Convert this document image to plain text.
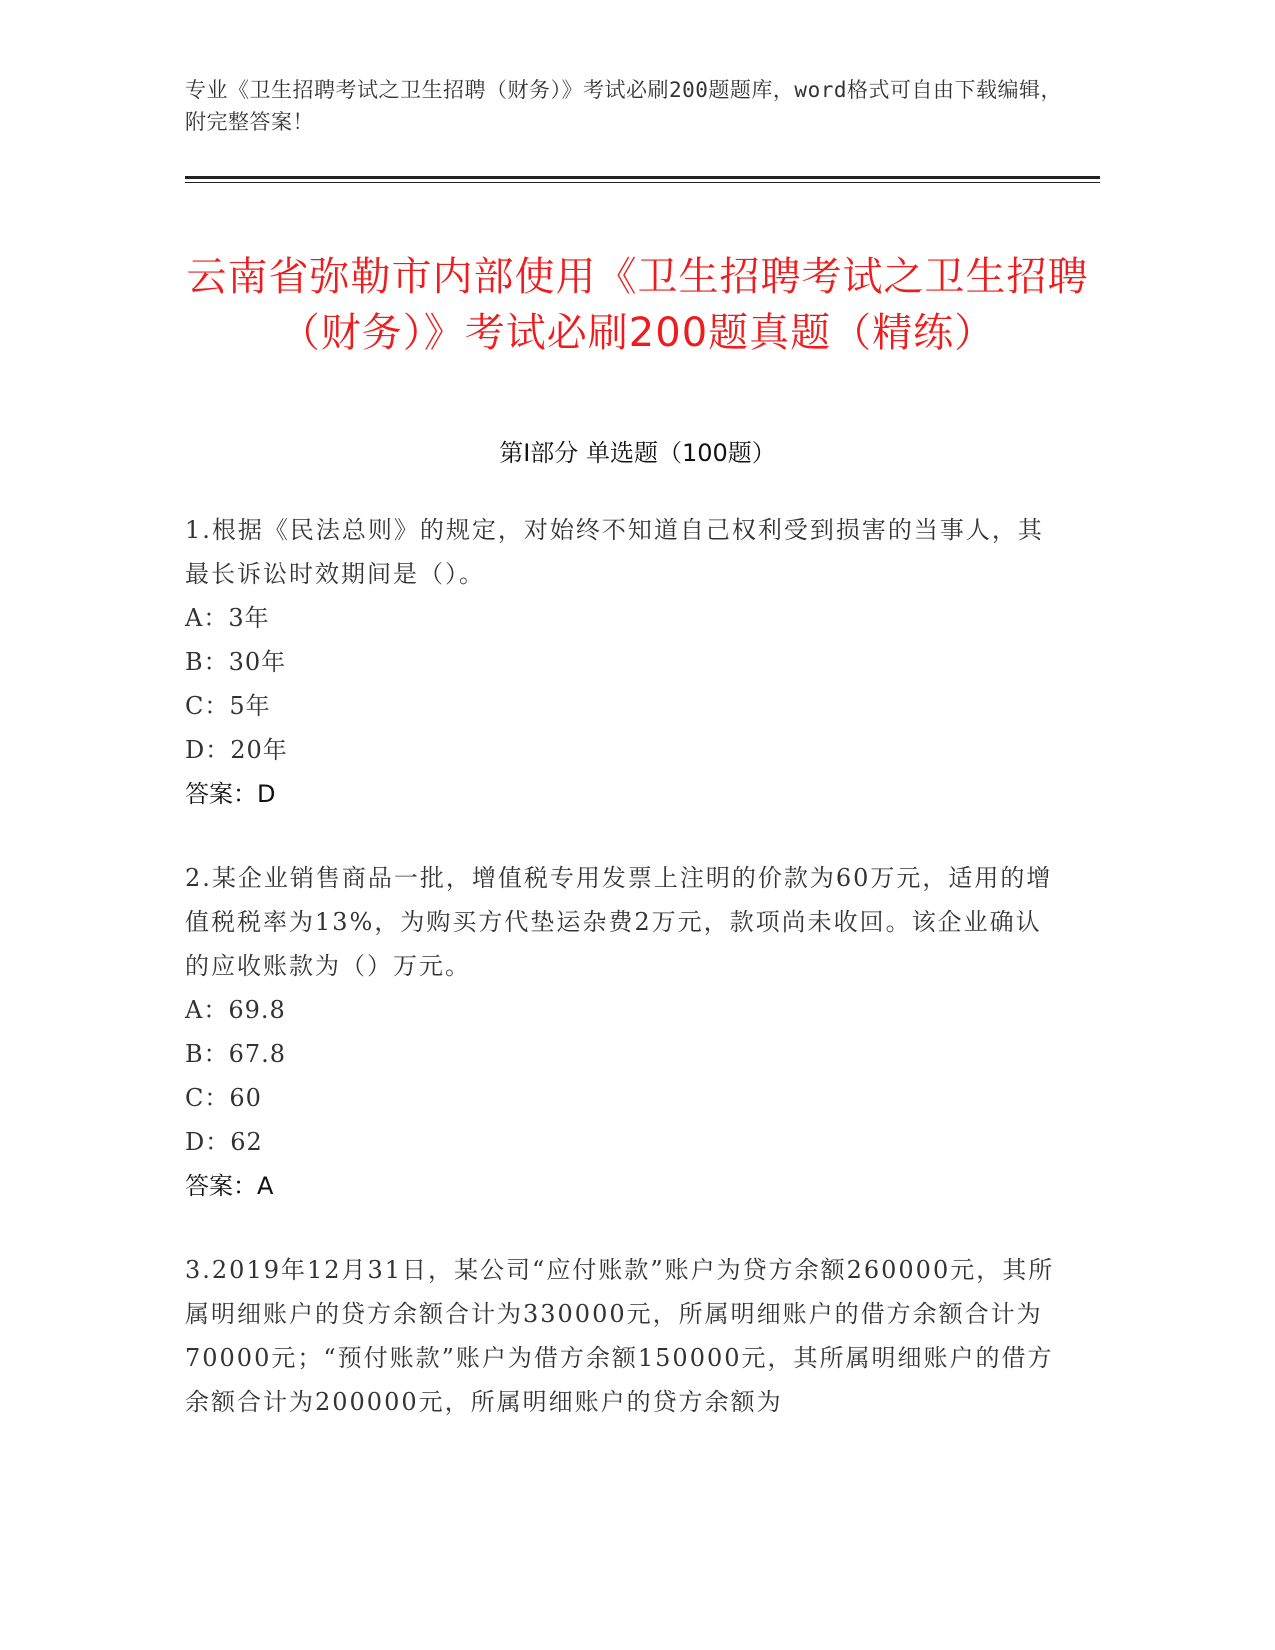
专业《卫生招聘考试之卫生招聘（财务）》考试必刷200题题库，word格式可自由下载编辑，附完整答案！
云南省弥勒市内部使用《卫生招聘考试之卫生招聘（财务）》考试必刷200题真题（精练）
第Ⅰ部分 单选题（100题）

1.根据《民法总则》的规定，对始终不知道自己权利受到损害的当事人，其最长诉讼时效期间是（）。

A：3年

B：30年

C：5年

D：20年

答案：D

2.某企业销售商品一批，增值税专用发票上注明的价款为60万元，适用的增值税税率为13%，为购买方代垫运杂费2万元，款项尚未收回。该企业确认的应收账款为（）万元。

A：69.8

B：67.8

C：60

D：62

答案：A

3.2019年12月31日，某公司“应付账款”账户为贷方余额260000元，其所属明细账户的贷方余额合计为330000元，所属明细账户的借方余额合计为70000元；“预付账款”账户为借方余额150000元，其所属明细账户的借方余额合计为200000元，所属明细账户的贷方余额为
